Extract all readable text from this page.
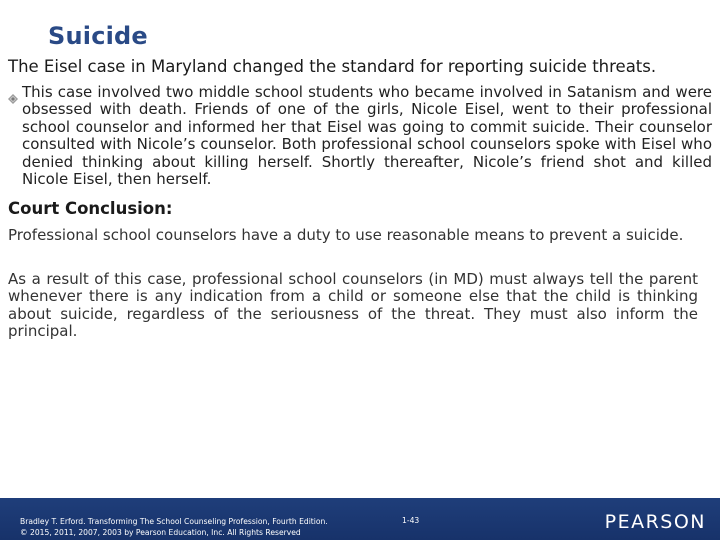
Suicide

The Eisel case in Maryland changed the standard for reporting suicide threats.

This case involved two middle school students who became involved in Satanism and were obsessed with death. Friends of one of the girls, Nicole Eisel, went to their professional school counselor and informed her that Eisel was going to commit suicide. Their counselor consulted with Nicole’s counselor. Both professional school counselors spoke with Eisel who denied thinking about killing herself. Shortly thereafter, Nicole’s friend shot and killed Nicole Eisel, then herself.

Court Conclusion:

Professional school counselors have a duty to use reasonable means to prevent a suicide.

As a result of this case, professional school counselors (in MD) must always tell the parent whenever there is any indication from a child or someone else that the child is thinking about suicide, regardless of the seriousness of the threat. They must also inform the principal.

Bradley T. Erford. Transforming The School Counseling Profession, Fourth Edition.
© 2015, 2011, 2007, 2003 by Pearson Education, Inc. All Rights Reserved
1-43	PEARSON
